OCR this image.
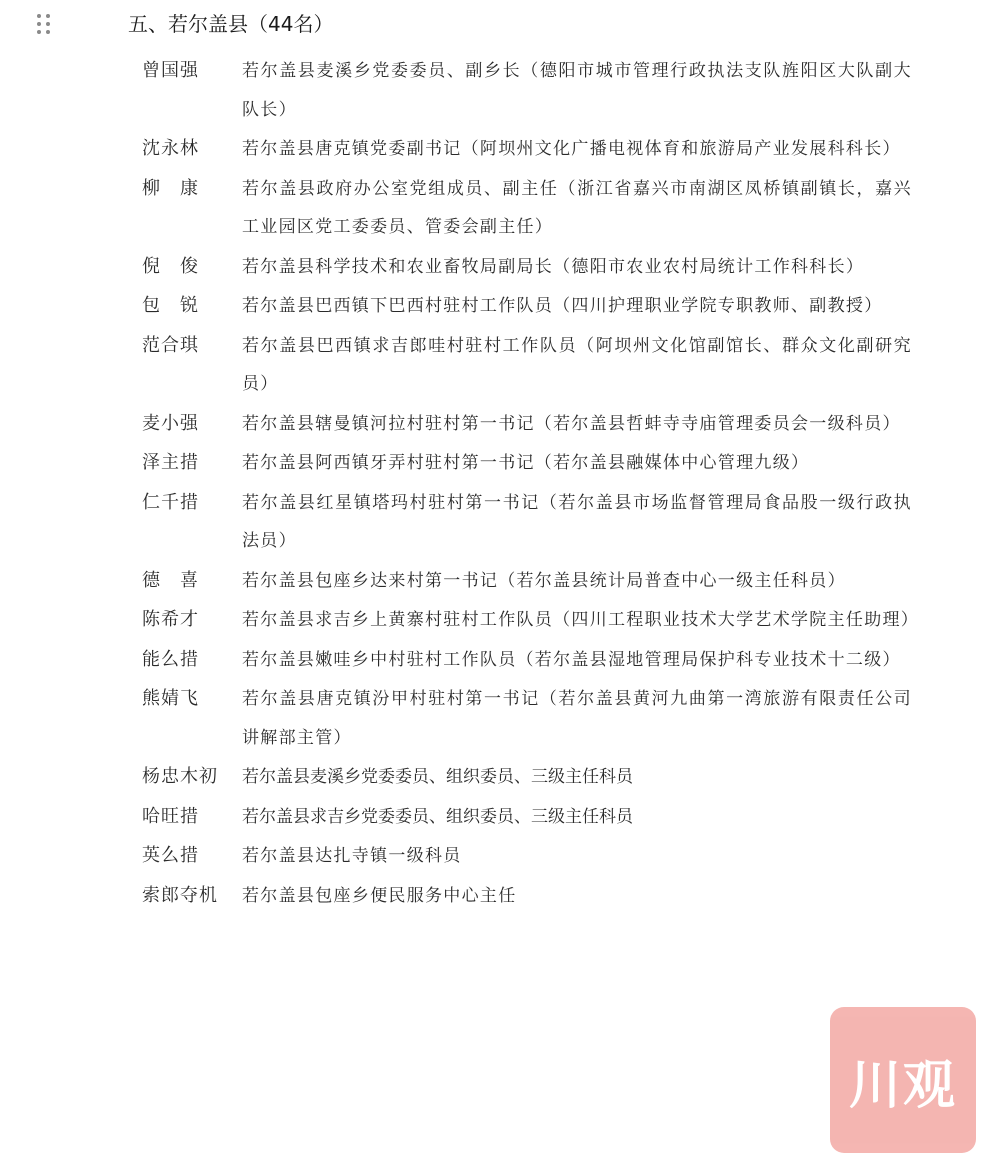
五、若尔盖县（44名）
曾国强	若尔盖县麦溪乡党委委员、副乡长（德阳市城市管理行政执法支队旌阳区大队副大队长）
沈永林	若尔盖县唐克镇党委副书记（阿坝州文化广播电视体育和旅游局产业发展科科长）
柳康	若尔盖县政府办公室党组成员、副主任（浙江省嘉兴市南湖区凤桥镇副镇长，嘉兴工业园区党工委委员、管委会副主任）
倪俊	若尔盖县科学技术和农业畜牧局副局长（德阳市农业农村局统计工作科科长）
包锐	若尔盖县巴西镇下巴西村驻村工作队员（四川护理职业学院专职教师、副教授）
范合琪	若尔盖县巴西镇求吉郎哇村驻村工作队员（阿坝州文化馆副馆长、群众文化副研究员）
麦小强	若尔盖县辖曼镇河拉村驻村第一书记（若尔盖县哲蚌寺寺庙管理委员会一级科员）
泽主措	若尔盖县阿西镇牙弄村驻村第一书记（若尔盖县融媒体中心管理九级）
仁千措	若尔盖县红星镇塔玛村驻村第一书记（若尔盖县市场监督管理局食品股一级行政执法员）
德喜	若尔盖县包座乡达来村第一书记（若尔盖县统计局普查中心一级主任科员）
陈希才	若尔盖县求吉乡上黄寨村驻村工作队员（四川工程职业技术大学艺术学院主任助理）
能么措	若尔盖县嫩哇乡中村驻村工作队员（若尔盖县湿地管理局保护科专业技术十二级）
熊婧飞	若尔盖县唐克镇汾甲村驻村第一书记（若尔盖县黄河九曲第一湾旅游有限责任公司讲解部主管）
杨忠木初	若尔盖县麦溪乡党委委员、组织委员、三级主任科员
哈旺措	若尔盖县求吉乡党委委员、组织委员、三级主任科员
英么措	若尔盖县达扎寺镇一级科员
索郎夺机	若尔盖县包座乡便民服务中心主任
川观
